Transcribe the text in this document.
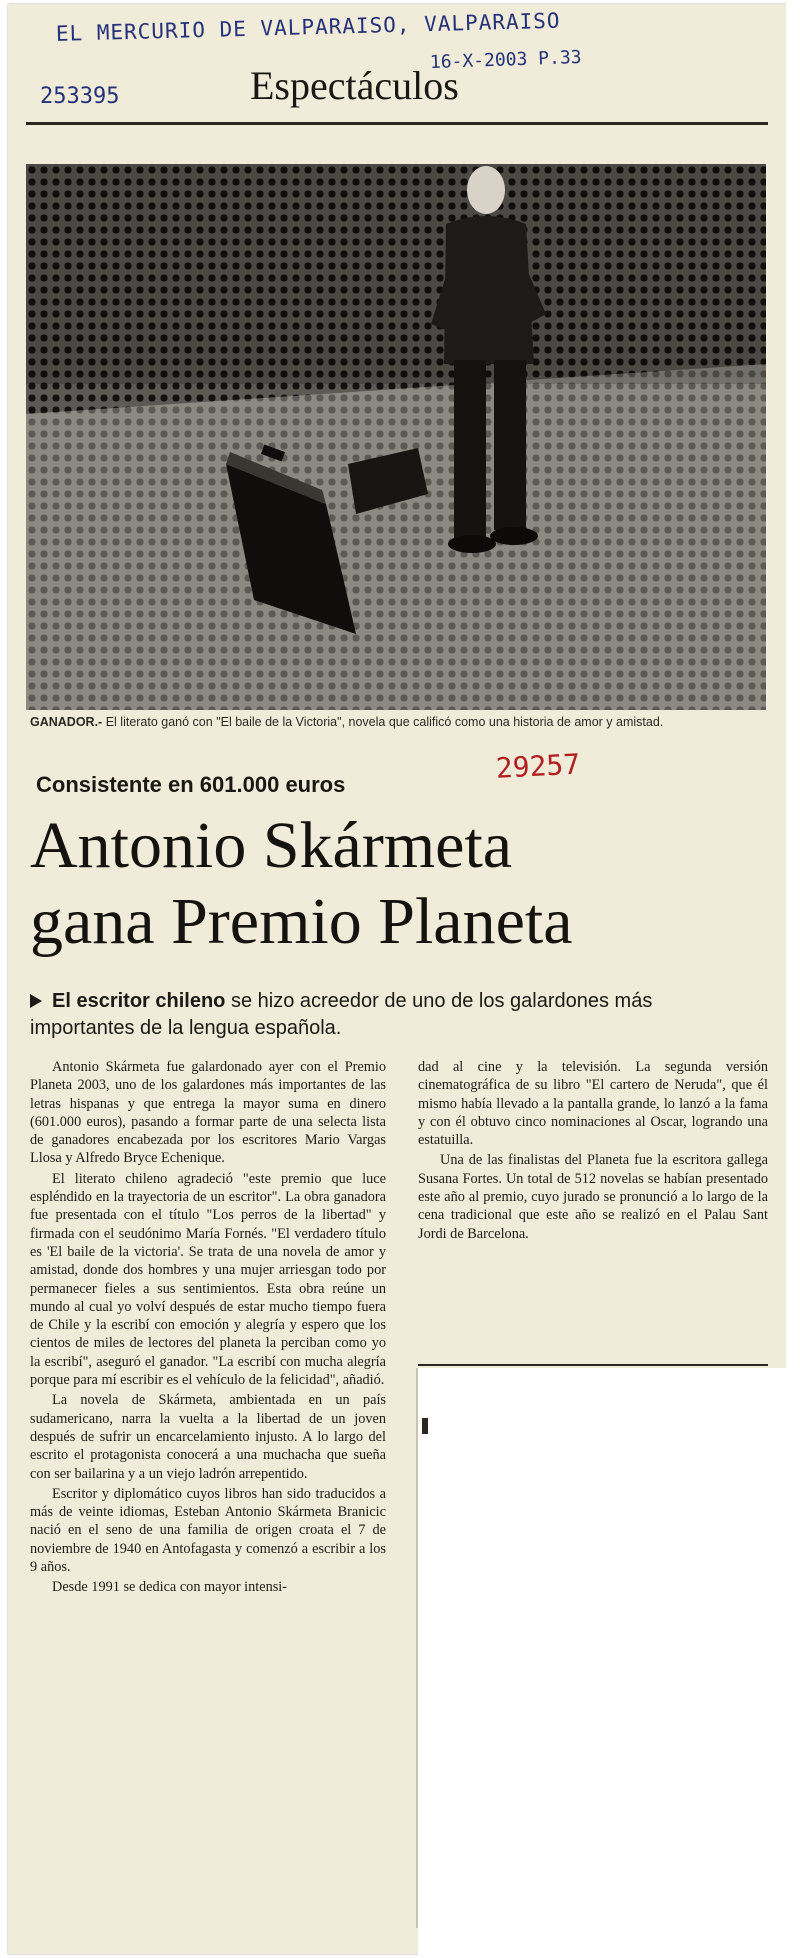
EL MERCURIO DE VALPARAISO, VALPARAISO
16-X-2003 P.33
253395	Espectáculos
GANADOR.- El literato ganó con "El baile de la Victoria", novela que calificó como una historia de amor y amistad.
29257
Consistente en 601.000 euros
Antonio Skármeta
gana Premio Planeta
El escritor chileno se hizo acreedor de uno de los galardones más importantes de la lengua española.

Antonio Skármeta fue galardonado ayer con el Premio Planeta 2003, uno de los galardones más importantes de las letras hispanas y que entrega la mayor suma en dinero (601.000 euros), pasando a formar parte de una selecta lista de ganadores encabezada por los escritores Mario Vargas Llosa y Alfredo Bryce Echenique.

El literato chileno agradeció "este premio que luce espléndido en la trayectoria de un escritor". La obra ganadora fue presentada con el título "Los perros de la libertad" y firmada con el seudónimo María Fornés. "El verdadero título es 'El baile de la victoria'. Se trata de una novela de amor y amistad, donde dos hombres y una mujer arriesgan todo por permanecer fieles a sus sentimientos. Esta obra reúne un mundo al cual yo volví después de estar mucho tiempo fuera de Chile y la escribí con emoción y alegría y espero que los cientos de miles de lectores del planeta la perciban como yo la escribí", aseguró el ganador. "La escribí con mucha alegría porque para mí escribir es el vehículo de la felicidad", añadió.

La novela de Skármeta, ambientada en un país sudamericano, narra la vuelta a la libertad de un joven después de sufrir un encarcelamiento injusto. A lo largo del escrito el protagonista conocerá a una muchacha que sueña con ser bailarina y a un viejo ladrón arrepentido.

Escritor y diplomático cuyos libros han sido traducidos a más de veinte idiomas, Esteban Antonio Skármeta Branicic nació en el seno de una familia de origen croata el 7 de noviembre de 1940 en Antofagasta y comenzó a escribir a los 9 años.

Desde 1991 se dedica con mayor intensi-

dad al cine y la televisión. La segunda versión cinematográfica de su libro "El cartero de Neruda", que él mismo había llevado a la pantalla grande, lo lanzó a la fama y con él obtuvo cinco nominaciones al Oscar, logrando una estatuilla.

Una de las finalistas del Planeta fue la escritora gallega Susana Fortes. Un total de 512 novelas se habían presentado este año al premio, cuyo jurado se pronunció a lo largo de la cena tradicional que este año se realizó en el Palau Sant Jordi de Barcelona.
